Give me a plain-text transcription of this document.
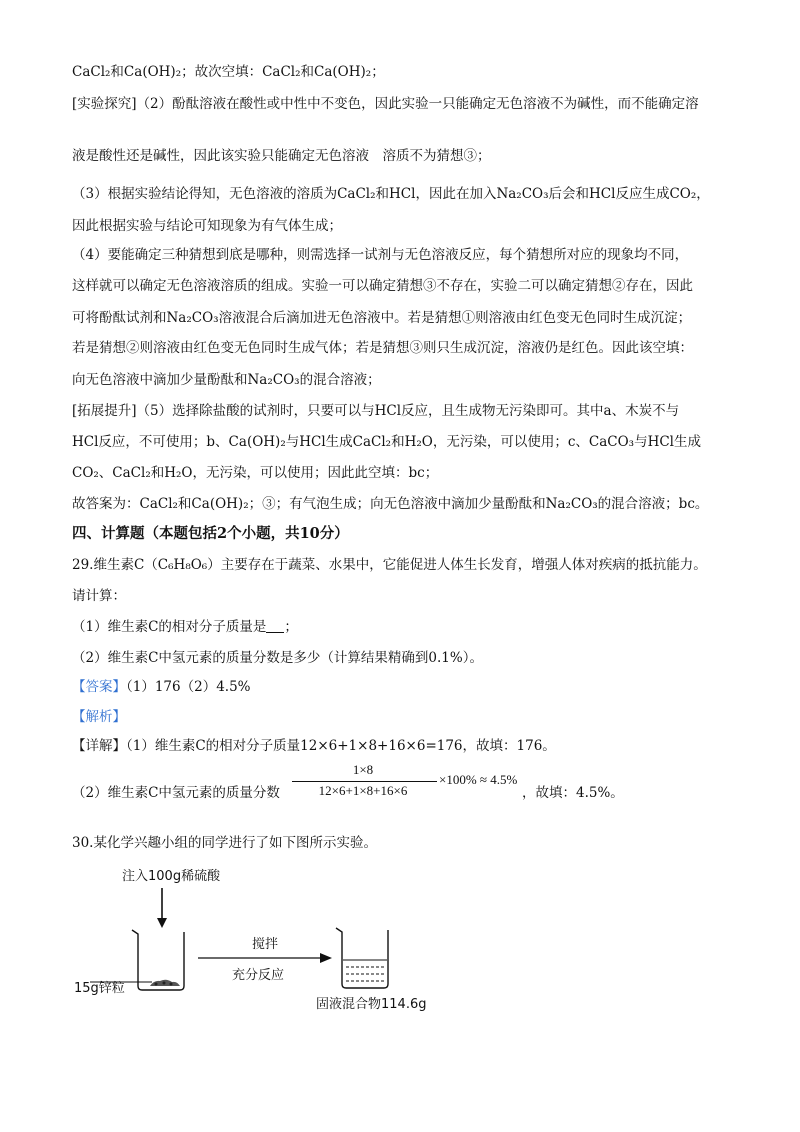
CaCl₂和Ca(OH)₂；故次空填：CaCl₂和Ca(OH)₂；
[实验探究]（2）酚酞溶液在酸性或中性中不变色，因此实验一只能确定无色溶液不为碱性，而不能确定溶
液是酸性还是碱性，因此该实验只能确定无色溶液　溶质不为猜想③；
（3）根据实验结论得知，无色溶液的溶质为CaCl₂和HCl，因此在加入Na₂CO₃后会和HCl反应生成CO₂，
因此根据实验与结论可知现象为有气体生成；
（4）要能确定三种猜想到底是哪种，则需选择一试剂与无色溶液反应，每个猜想所对应的现象均不同，
这样就可以确定无色溶液溶质的组成。实验一可以确定猜想③不存在，实验二可以确定猜想②存在，因此
可将酚酞试剂和Na₂CO₃溶液混合后滴加进无色溶液中。若是猜想①则溶液由红色变无色同时生成沉淀；
若是猜想②则溶液由红色变无色同时生成气体；若是猜想③则只生成沉淀，溶液仍是红色。因此该空填：
向无色溶液中滴加少量酚酞和Na₂CO₃的混合溶液；
[拓展提升]（5）选择除盐酸的试剂时，只要可以与HCl反应，且生成物无污染即可。其中a、木炭不与
HCl反应，不可使用；b、Ca(OH)₂与HCl生成CaCl₂和H₂O，无污染，可以使用；c、CaCO₃与HCl生成
CO₂、CaCl₂和H₂O，无污染，可以使用；因此此空填：bc；
故答案为：CaCl₂和Ca(OH)₂；③；有气泡生成；向无色溶液中滴加少量酚酞和Na₂CO₃的混合溶液；bc。
四、计算题（本题包括2个小题，共10分）
29.维生素C（C₆H₈O₆）主要存在于蔬菜、水果中，它能促进人体生长发育，增强人体对疾病的抵抗能力。
请计算：
（1）维生素C的相对分子质量是 ；
（2）维生素C中氢元素的质量分数是多少（计算结果精确到0.1%）。
【答案】（1）176（2）4.5%
【解析】
【详解】（1）维生素C的相对分子质量12×6+1×8+16×6=176，故填：176。
（2）维生素C中氢元素的质量分数
1×8
12×6+1×8+16×6
×100% ≈ 4.5%
，故填：4.5%。
30.某化学兴趣小组的同学进行了如下图所示实验。
注入100g稀硫酸
15g锌粒
搅拌
充分反应
固液混合物114.6g
